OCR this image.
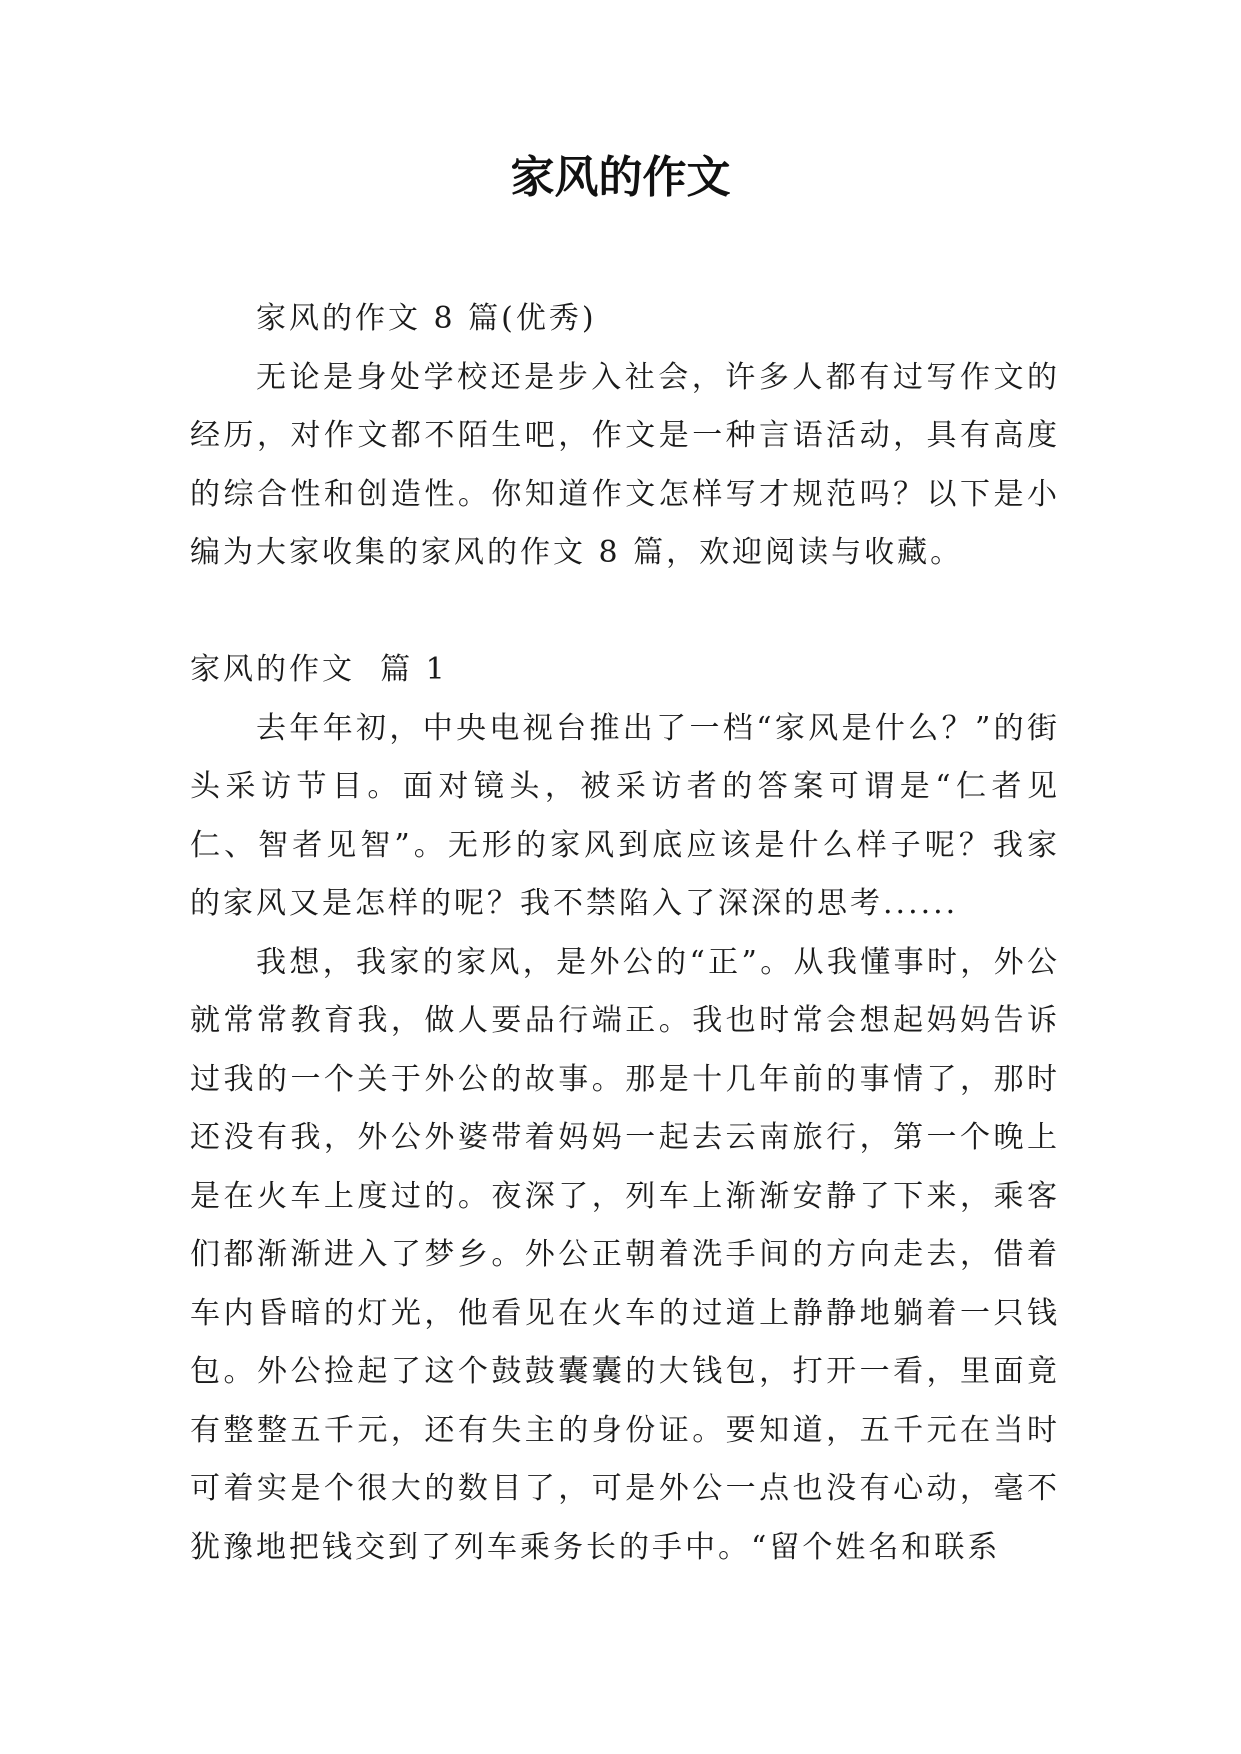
家风的作文

家风的作文 8 篇(优秀)

无论是身处学校还是步入社会，许多人都有过写作文的经历，对作文都不陌生吧，作文是一种言语活动，具有高度的综合性和创造性。你知道作文怎样写才规范吗？以下是小编为大家收集的家风的作文 8 篇，欢迎阅读与收藏。

家风的作文  篇 1

去年年初，中央电视台推出了一档“家风是什么？”的街头采访节目。面对镜头，被采访者的答案可谓是“仁者见仁、智者见智”。无形的家风到底应该是什么样子呢？我家的家风又是怎样的呢？我不禁陷入了深深的思考......

我想，我家的家风，是外公的“正”。从我懂事时，外公就常常教育我，做人要品行端正。我也时常会想起妈妈告诉过我的一个关于外公的故事。那是十几年前的事情了，那时还没有我，外公外婆带着妈妈一起去云南旅行，第一个晚上是在火车上度过的。夜深了，列车上渐渐安静了下来，乘客们都渐渐进入了梦乡。外公正朝着洗手间的方向走去，借着车内昏暗的灯光，他看见在火车的过道上静静地躺着一只钱包。外公捡起了这个鼓鼓囊囊的大钱包，打开一看，里面竟有整整五千元，还有失主的身份证。要知道，五千元在当时可着实是个很大的数目了，可是外公一点也没有心动，毫不犹豫地把钱交到了列车乘务长的手中。“留个姓名和联系
